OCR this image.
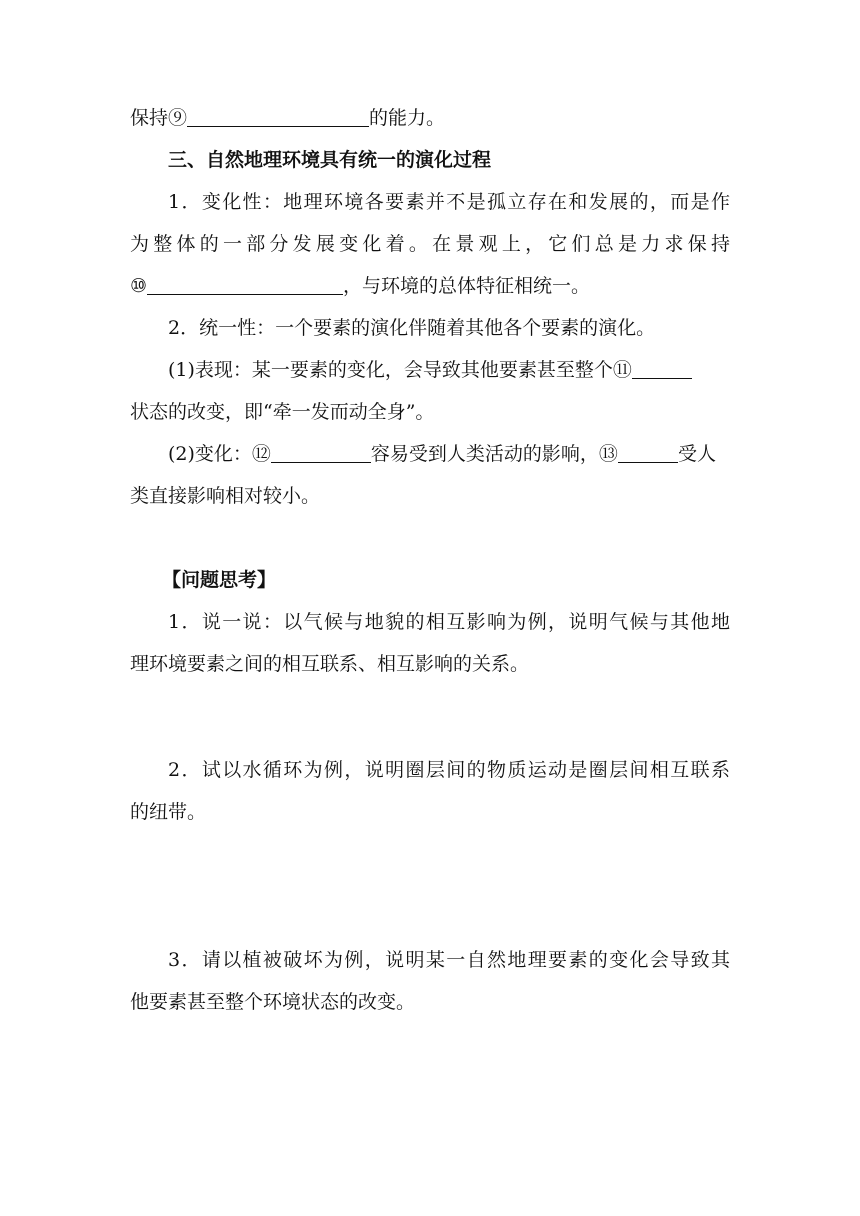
保持⑨	的能力。
三、自然地理环境具有统一的演化过程
1．变化性：地理环境各要素并不是孤立存在和发展的，而是作
为整体的一部分发展变化着。在景观上，它们总是力求保持
⑩	，与环境的总体特征相统一。
2．统一性：一个要素的演化伴随着其他各个要素的演化。
(1)表现：某一要素的变化，会导致其他要素甚至整个⑪
状态的改变，即“牵一发而动全身”。
(2)变化：⑫	容易受到人类活动的影响，⑬	受人
类直接影响相对较小。
【问题思考】
1．说一说：以气候与地貌的相互影响为例，说明气候与其他地
理环境要素之间的相互联系、相互影响的关系。
2．试以水循环为例，说明圈层间的物质运动是圈层间相互联系
的纽带。
3．请以植被破坏为例，说明某一自然地理要素的变化会导致其
他要素甚至整个环境状态的改变。
